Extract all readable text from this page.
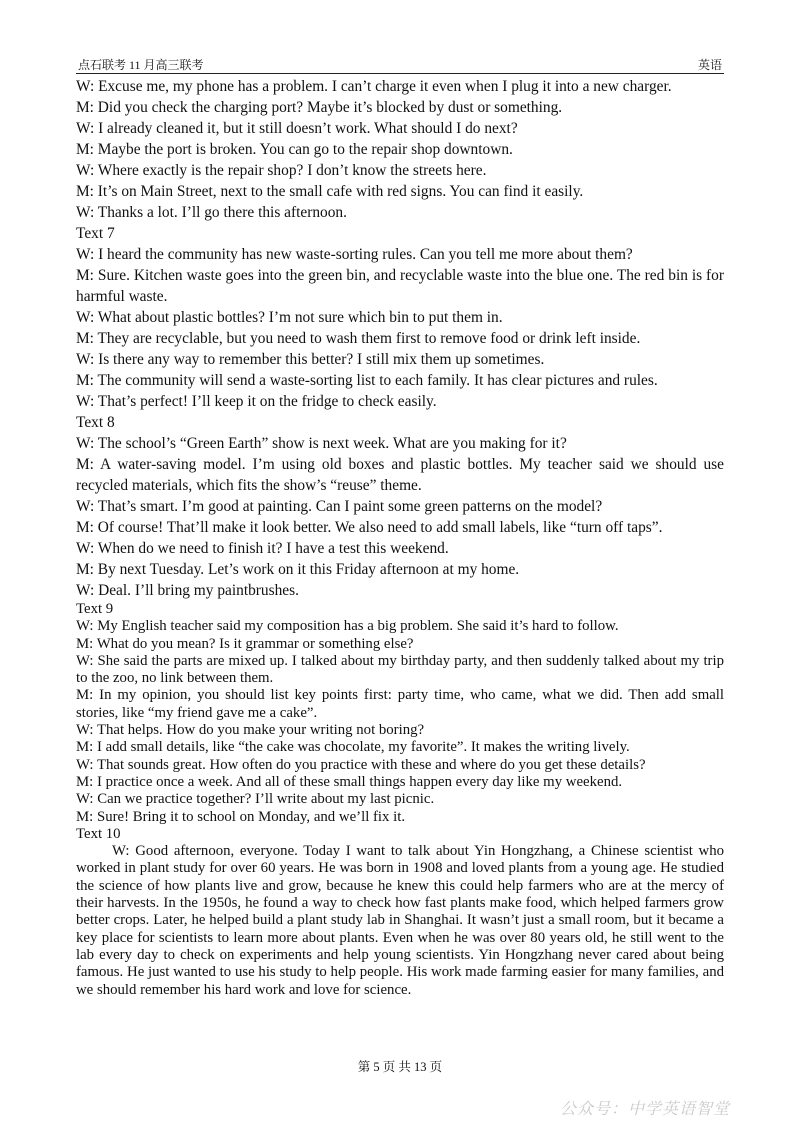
点石联考 11 月高三联考	英语

W: Excuse me, my phone has a problem. I can’t charge it even when I plug it into a new charger.

M: Did you check the charging port? Maybe it’s blocked by dust or something.

W: I already cleaned it, but it still doesn’t work. What should I do next?

M: Maybe the port is broken. You can go to the repair shop downtown.

W: Where exactly is the repair shop? I don’t know the streets here.

M: It’s on Main Street, next to the small cafe with red signs. You can find it easily.

W: Thanks a lot. I’ll go there this afternoon.

Text 7

W: I heard the community has new waste-sorting rules. Can you tell me more about them?

M: Sure. Kitchen waste goes into the green bin, and recyclable waste into the blue one. The red bin is for harmful waste.

W: What about plastic bottles? I’m not sure which bin to put them in.

M: They are recyclable, but you need to wash them first to remove food or drink left inside.

W: Is there any way to remember this better? I still mix them up sometimes.

M: The community will send a waste-sorting list to each family. It has clear pictures and rules.

W: That’s perfect! I’ll keep it on the fridge to check easily.

Text 8

W: The school’s “Green Earth” show is next week. What are you making for it?

M: A water-saving model. I’m using old boxes and plastic bottles. My teacher said we should use recycled materials, which fits the show’s “reuse” theme.

W: That’s smart. I’m good at painting. Can I paint some green patterns on the model?

M: Of course! That’ll make it look better. We also need to add small labels, like “turn off taps”.

W: When do we need to finish it? I have a test this weekend.

M: By next Tuesday. Let’s work on it this Friday afternoon at my home.

W: Deal. I’ll bring my paintbrushes.

Text 9

W: My English teacher said my composition has a big problem. She said it’s hard to follow.

M: What do you mean? Is it grammar or something else?

W: She said the parts are mixed up. I talked about my birthday party, and then suddenly talked about my trip to the zoo, no link between them.

M: In my opinion, you should list key points first: party time, who came, what we did. Then add small stories, like “my friend gave me a cake”.

W: That helps. How do you make your writing not boring?

M: I add small details, like “the cake was chocolate, my favorite”. It makes the writing lively.

W: That sounds great. How often do you practice with these and where do you get these details?

M: I practice once a week. And all of these small things happen every day like my weekend.

W: Can we practice together? I’ll write about my last picnic.

M: Sure! Bring it to school on Monday, and we’ll fix it.

Text 10

W: Good afternoon, everyone. Today I want to talk about Yin Hongzhang, a Chinese scientist who worked in plant study for over 60 years. He was born in 1908 and loved plants from a young age. He studied the science of how plants live and grow, because he knew this could help farmers who are at the mercy of their harvests. In the 1950s, he found a way to check how fast plants make food, which helped farmers grow better crops. Later, he helped build a plant study lab in Shanghai. It wasn’t just a small room, but it became a key place for scientists to learn more about plants. Even when he was over 80 years old, he still went to the lab every day to check on experiments and help young scientists. Yin Hongzhang never cared about being famous. He just wanted to use his study to help people. His work made farming easier for many families, and we should remember his hard work and love for science.

第 5 页 共 13 页
公众号：中学英语智堂
